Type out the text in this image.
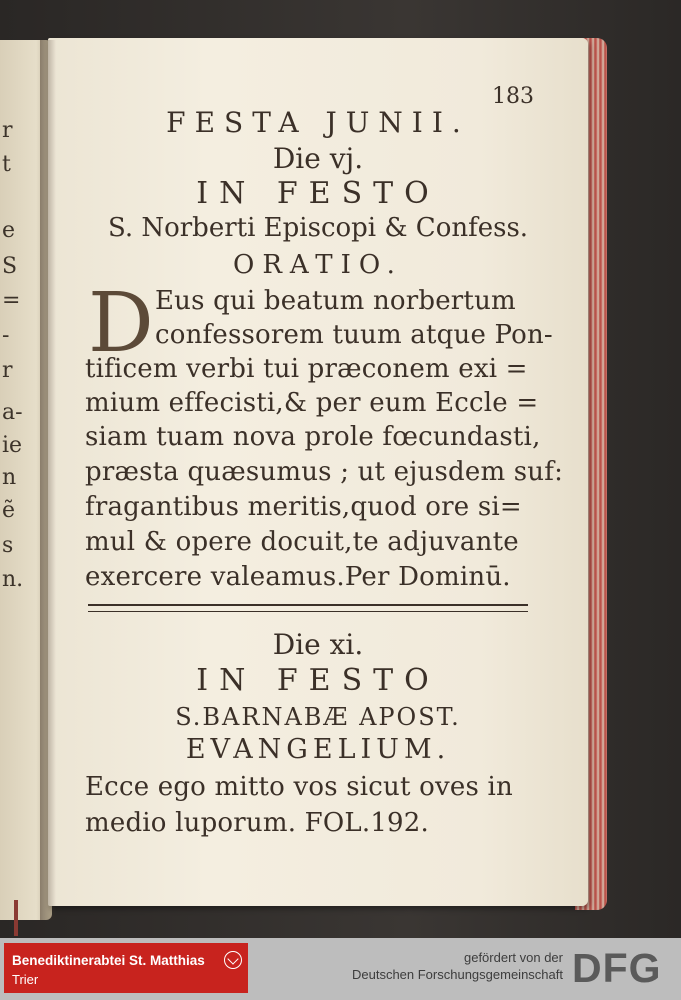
r
t
e
S
=
-
r
a-
ie
n
ẽ
s
n.
183
FESTA JUNII.
Die vj.
IN FESTO
S. Norberti Episcopi & Confess.
ORATIO.
D Eus qui beatum norbertum
confessorem tuum atque Pon-
tificem verbi tui præconem exi =
mium effecisti,& per eum Eccle =
siam tuam nova prole fœcundasti,
præsta quæsumus ; ut ejusdem suf:
fragantibus meritis,quod ore si=
mul & opere docuit,te adjuvante
exercere valeamus.Per Dominū.
Die xi.
IN FESTO
S.BARNABÆ APOST.
EVANGELIUM.
Ecce ego mitto vos sicut oves in
medio luporum. FOL.192.
Benediktinerabtei St. Matthias
Trier
gefördert von der
Deutschen Forschungsgemeinschaft DFG
